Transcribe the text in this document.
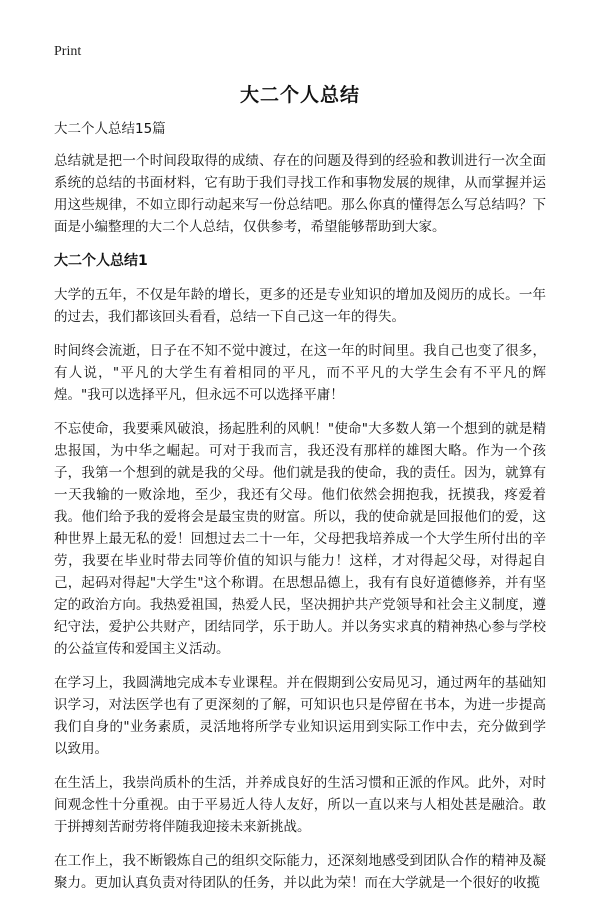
Print
大二个人总结

大二个人总结15篇

总结就是把一个时间段取得的成绩、存在的问题及得到的经验和教训进行一次全面系统的总结的书面材料，它有助于我们寻找工作和事物发展的规律，从而掌握并运用这些规律，不如立即行动起来写一份总结吧。那么你真的懂得怎么写总结吗？下面是小编整理的大二个人总结，仅供参考，希望能够帮助到大家。

大二个人总结1

大学的五年，不仅是年龄的增长，更多的还是专业知识的增加及阅历的成长。一年的过去，我们都该回头看看，总结一下自己这一年的得失。

时间终会流逝，日子在不知不觉中渡过，在这一年的时间里。我自己也变了很多，有人说，"平凡的大学生有着相同的平凡，而不平凡的大学生会有不平凡的辉煌。"我可以选择平凡，但永远不可以选择平庸！

不忘使命，我要乘风破浪，扬起胜利的风帆！"使命"大多数人第一个想到的就是精忠报国，为中华之崛起。可对于我而言，我还没有那样的雄图大略。作为一个孩子，我第一个想到的就是我的父母。他们就是我的使命，我的责任。因为，就算有一天我输的一败涂地，至少，我还有父母。他们依然会拥抱我，抚摸我，疼爱着我。他们给予我的爱将会是最宝贵的财富。所以，我的使命就是回报他们的爱，这种世界上最无私的爱！回想过去二十一年，父母把我培养成一个大学生所付出的辛劳，我要在毕业时带去同等价值的知识与能力！这样，才对得起父母，对得起自己，起码对得起"大学生"这个称谓。在思想品德上，我有有良好道德修养，并有坚定的政治方向。我热爱祖国，热爱人民，坚决拥护共产党领导和社会主义制度，遵纪守法，爱护公共财产，团结同学，乐于助人。并以务实求真的精神热心参与学校的公益宣传和爱国主义活动。

在学习上，我圆满地完成本专业课程。并在假期到公安局见习，通过两年的基础知识学习，对法医学也有了更深刻的了解，可知识也只是停留在书本，为进一步提高我们自身的"业务素质，灵活地将所学专业知识运用到实际工作中去，充分做到学以致用。

在生活上，我崇尚质朴的生活，并养成良好的生活习惯和正派的作风。此外，对时间观念性十分重视。由于平易近人待人友好，所以一直以来与人相处甚是融洽。敢于拼搏刻苦耐劳将伴随我迎接未来新挑战。

在工作上，我不断锻炼自己的组织交际能力，还深刻地感受到团队合作的精神及凝聚力。更加认真负责对待团队的任务，并以此为荣！而在大学就是一个很好的收揽
